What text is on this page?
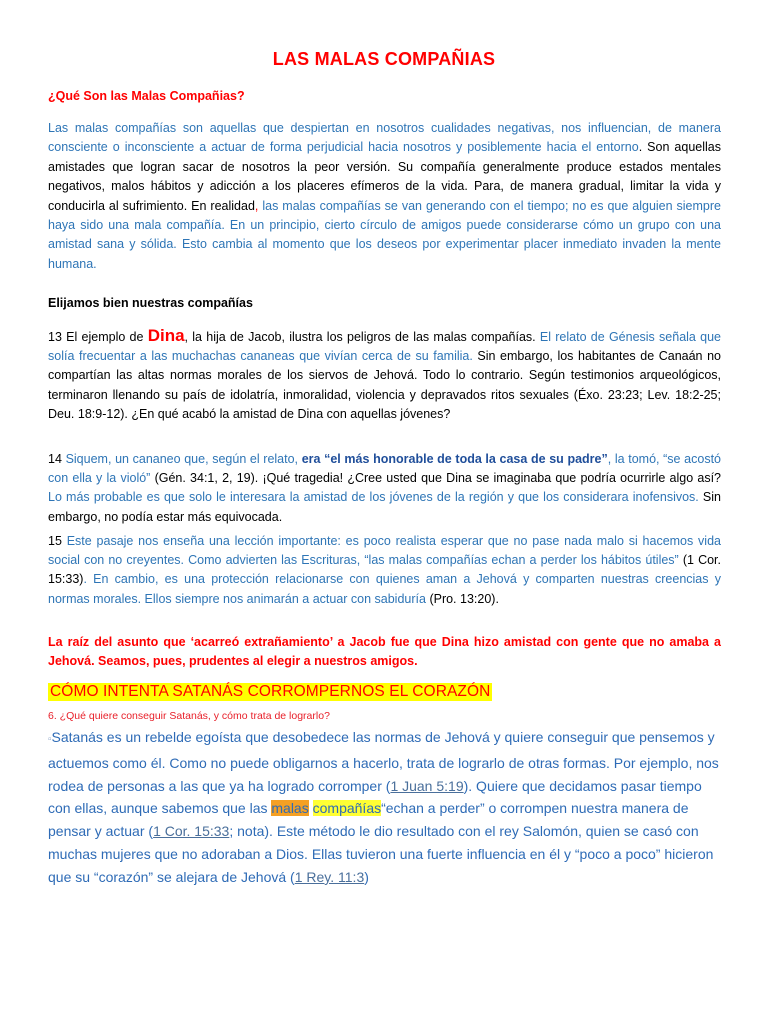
LAS MALAS COMPAÑIAS
¿Qué Son las Malas Compañias?
Las malas compañías son aquellas que despiertan en nosotros cualidades negativas, nos influencian, de manera consciente o inconsciente a actuar de forma perjudicial hacia nosotros y posiblemente hacia el entorno. Son aquellas amistades que logran sacar de nosotros la peor versión. Su compañía generalmente produce estados mentales negativos, malos hábitos y adicción a los placeres efímeros de la vida. Para, de manera gradual, limitar la vida y conducirla al sufrimiento. En realidad, las malas compañías se van generando con el tiempo; no es que alguien siempre haya sido una mala compañía. En un principio, cierto círculo de amigos puede considerarse cómo un grupo con una amistad sana y sólida. Esto cambia al momento que los deseos por experimentar placer inmediato invaden la mente humana.
Elijamos bien nuestras compañías
13 El ejemplo de Dina, la hija de Jacob, ilustra los peligros de las malas compañías. El relato de Génesis señala que solía frecuentar a las muchachas cananeas que vivían cerca de su familia. Sin embargo, los habitantes de Canaán no compartían las altas normas morales de los siervos de Jehová. Todo lo contrario. Según testimonios arqueológicos, terminaron llenando su país de idolatría, inmoralidad, violencia y depravados ritos sexuales (Éxo. 23:23; Lev. 18:2-25; Deu. 18:9-12). ¿En qué acabó la amistad de Dina con aquellas jóvenes?
14 Siquem, un cananeo que, según el relato, era “el más honorable de toda la casa de su padre”, la tomó, “se acostó con ella y la violó” (Gén. 34:1, 2, 19). ¡Qué tragedia! ¿Cree usted que Dina se imaginaba que podría ocurrirle algo así? Lo más probable es que solo le interesara la amistad de los jóvenes de la región y que los considerara inofensivos. Sin embargo, no podía estar más equivocada.
15 Este pasaje nos enseña una lección importante: es poco realista esperar que no pase nada malo si hacemos vida social con no creyentes. Como advierten las Escrituras, “las malas compañías echan a perder los hábitos útiles” (1 Cor. 15:33). En cambio, es una protección relacionarse con quienes aman a Jehová y comparten nuestras creencias y normas morales. Ellos siempre nos animarán a actuar con sabiduría (Pro. 13:20).
La raíz del asunto que ‘acarreó extrañamiento’ a Jacob fue que Dina hizo amistad con gente que no amaba a Jehová. Seamos, pues, prudentes al elegir a nuestros amigos.
CÓMO INTENTA SATANÁS CORROMPERNOS EL CORAZÓN
6. ¿Qué quiere conseguir Satanás, y cómo trata de lograrlo?
▫Satanás es un rebelde egoísta que desobedece las normas de Jehová y quiere conseguir que pensemos y actuemos como él. Como no puede obligarnos a hacerlo, trata de lograrlo de otras formas. Por ejemplo, nos rodea de personas a las que ya ha logrado corromper (1 Juan 5:19). Quiere que decidamos pasar tiempo con ellas, aunque sabemos que las malas compañías“echan a perder” o corrompen nuestra manera de pensar y actuar (1 Cor. 15:33; nota). Este método le dio resultado con el rey Salomón, quien se casó con muchas mujeres que no adoraban a Dios. Ellas tuvieron una fuerte influencia en él y “poco a poco” hicieron que su “corazón” se alejara de Jehová (1 Rey. 11:3)
